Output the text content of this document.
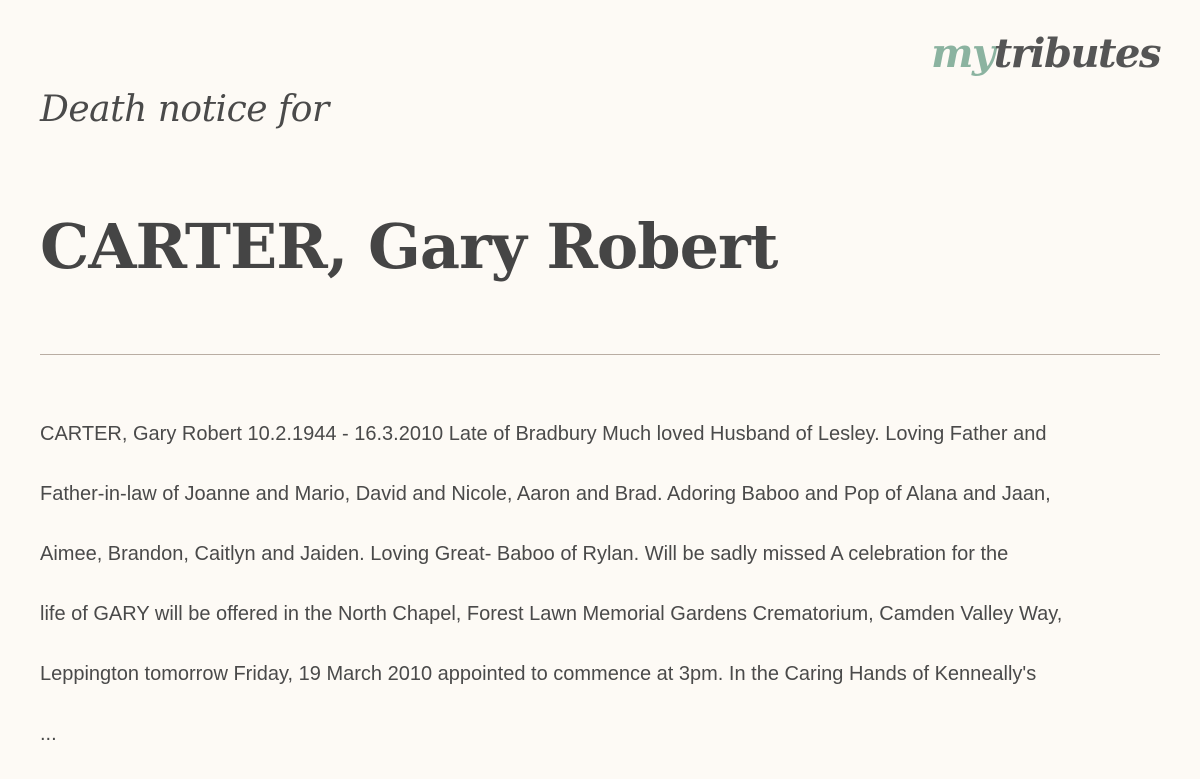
mytributes
Death notice for
CARTER, Gary Robert

CARTER, Gary Robert 10.2.1944 - 16.3.2010 Late of Bradbury Much loved Husband of Lesley. Loving Father and

Father-in-law of Joanne and Mario, David and Nicole, Aaron and Brad. Adoring Baboo and Pop of Alana and Jaan,

Aimee, Brandon, Caitlyn and Jaiden. Loving Great- Baboo of Rylan. Will be sadly missed A celebration for the

life of GARY will be offered in the North Chapel, Forest Lawn Memorial Gardens Crematorium, Camden Valley Way,

Leppington tomorrow Friday, 19 March 2010 appointed to commence at 3pm. In the Caring Hands of Kenneally's

...
